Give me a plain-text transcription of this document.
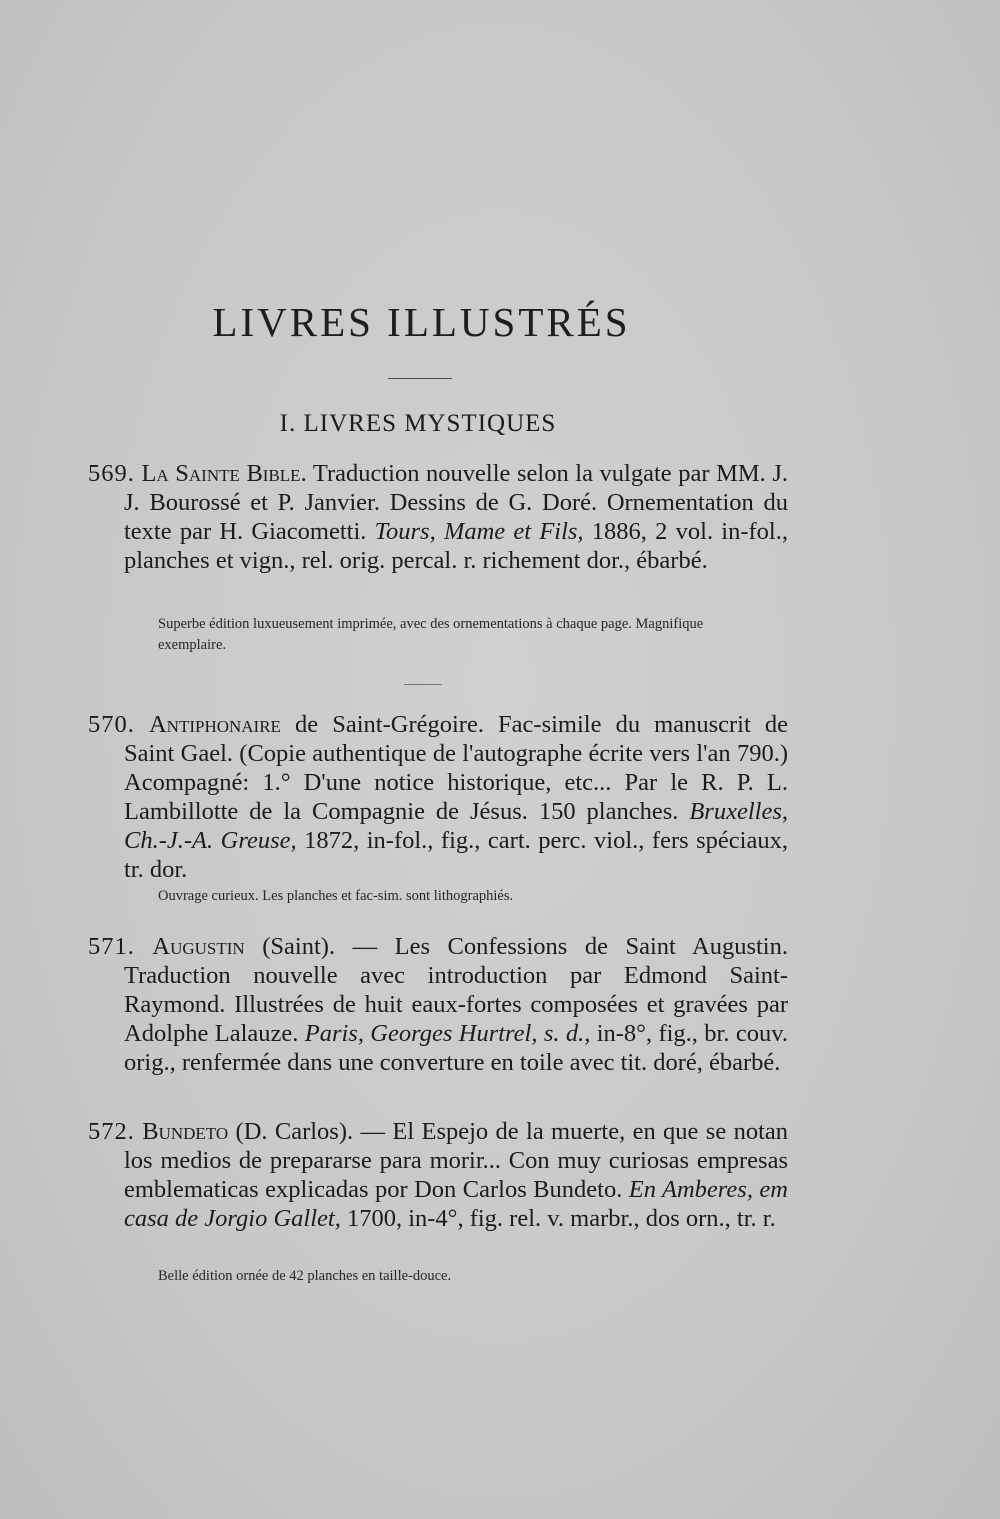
LIVRES ILLUSTRÉS
I. LIVRES MYSTIQUES

569. La Sainte Bible. Traduction nouvelle selon la vulgate par MM. J. J. Bourossé et P. Janvier. Dessins de G. Doré. Ornementation du texte par H. Giacometti. Tours, Mame et Fils, 1886, 2 vol. in-fol., planches et vign., rel. orig. percal. r. richement dor., ébarbé.

Superbe édition luxueusement imprimée, avec des ornementations à chaque page. Magnifique exemplaire.

570. Antiphonaire de Saint-Grégoire. Fac-simile du manuscrit de Saint Gael. (Copie authentique de l'autographe écrite vers l'an 790.) Acompagné: 1.° D'une notice historique, etc... Par le R. P. L. Lambillotte de la Compagnie de Jésus. 150 planches. Bruxelles, Ch.-J.-A. Greuse, 1872, in-fol., fig., cart. perc. viol., fers spéciaux, tr. dor.

Ouvrage curieux. Les planches et fac-sim. sont lithographiés.

571. Augustin (Saint). — Les Confessions de Saint Augustin. Traduction nouvelle avec introduction par Edmond Saint-Raymond. Illustrées de huit eaux-fortes composées et gravées par Adolphe Lalauze. Paris, Georges Hurtrel, s. d., in-8°, fig., br. couv. orig., renfermée dans une converture en toile avec tit. doré, ébarbé.

572. Bundeto (D. Carlos). — El Espejo de la muerte, en que se notan los medios de prepararse para morir... Con muy curiosas empresas emblematicas explicadas por Don Carlos Bundeto. En Amberes, em casa de Jorgio Gallet, 1700, in-4°, fig. rel. v. marbr., dos orn., tr. r.

Belle édition ornée de 42 planches en taille-douce.
